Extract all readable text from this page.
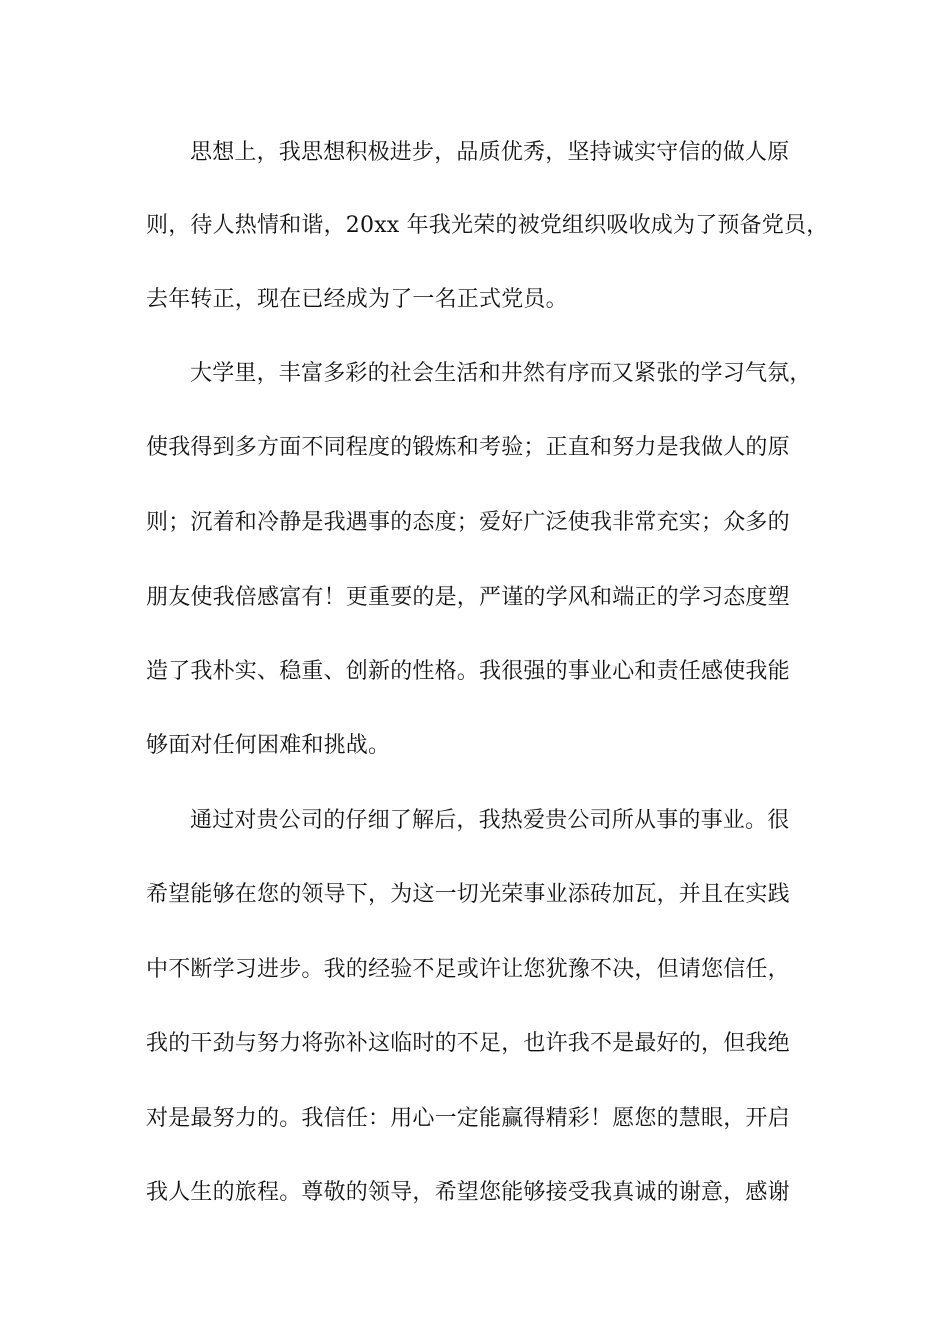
思想上，我思想积极进步，品质优秀，坚持诚实守信的做人原
则，待人热情和谐，20xx 年我光荣的被党组织吸收成为了预备党员，
去年转正，现在已经成为了一名正式党员。
大学里，丰富多彩的社会生活和井然有序而又紧张的学习气氛，
使我得到多方面不同程度的锻炼和考验；正直和努力是我做人的原
则；沉着和冷静是我遇事的态度；爱好广泛使我非常充实；众多的
朋友使我倍感富有！更重要的是，严谨的学风和端正的学习态度塑
造了我朴实、稳重、创新的性格。我很强的事业心和责任感使我能
够面对任何困难和挑战。
通过对贵公司的仔细了解后，我热爱贵公司所从事的事业。很
希望能够在您的领导下，为这一切光荣事业添砖加瓦，并且在实践
中不断学习进步。我的经验不足或许让您犹豫不决，但请您信任，
我的干劲与努力将弥补这临时的不足，也许我不是最好的，但我绝
对是最努力的。我信任：用心一定能赢得精彩！愿您的慧眼，开启
我人生的旅程。尊敬的领导，希望您能够接受我真诚的谢意，感谢
